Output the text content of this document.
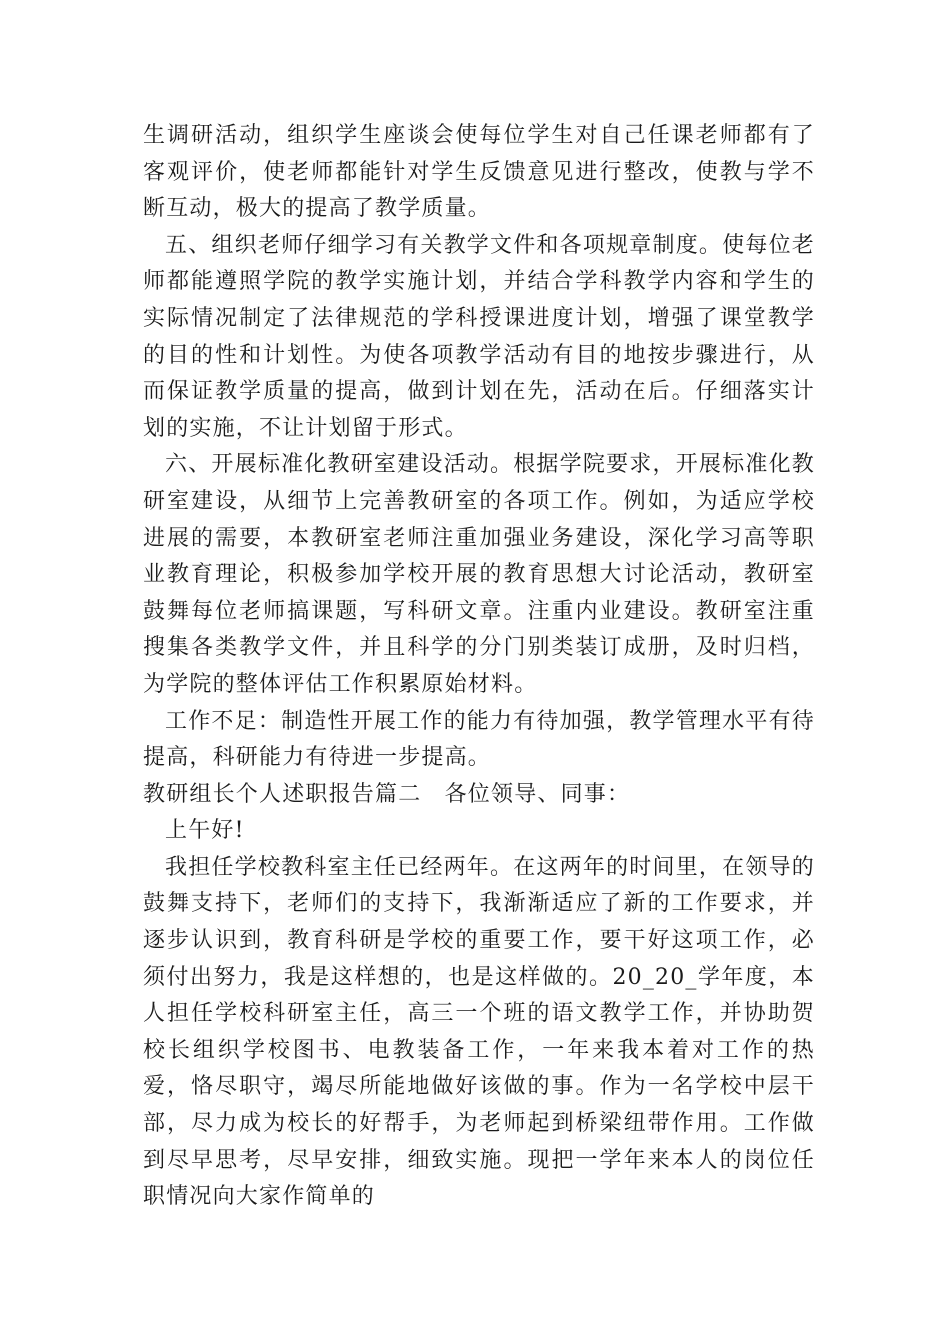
生调研活动，组织学生座谈会使每位学生对自己任课老师都有了客观评价，使老师都能针对学生反馈意见进行整改，使教与学不断互动，极大的提高了教学质量。

五、组织老师仔细学习有关教学文件和各项规章制度。使每位老师都能遵照学院的教学实施计划，并结合学科教学内容和学生的实际情况制定了法律规范的学科授课进度计划，增强了课堂教学的目的性和计划性。为使各项教学活动有目的地按步骤进行，从而保证教学质量的提高，做到计划在先，活动在后。仔细落实计划的实施，不让计划留于形式。

六、开展标准化教研室建设活动。根据学院要求，开展标准化教研室建设，从细节上完善教研室的各项工作。例如，为适应学校进展的需要，本教研室老师注重加强业务建设，深化学习高等职业教育理论，积极参加学校开展的教育思想大讨论活动，教研室鼓舞每位老师搞课题，写科研文章。注重内业建设。教研室注重搜集各类教学文件，并且科学的分门别类装订成册，及时归档，为学院的整体评估工作积累原始材料。

工作不足：制造性开展工作的能力有待加强，教学管理水平有待提高，科研能力有待进一步提高。

教研组长个人述职报告篇二　各位领导、同事：

上午好!

我担任学校教科室主任已经两年。在这两年的时间里，在领导的鼓舞支持下，老师们的支持下，我渐渐适应了新的工作要求，并逐步认识到，教育科研是学校的重要工作，要干好这项工作，必须付出努力，我是这样想的，也是这样做的。20_20_学年度，本人担任学校科研室主任，高三一个班的语文教学工作，并协助贺校长组织学校图书、电教装备工作，一年来我本着对工作的热爱，恪尽职守，竭尽所能地做好该做的事。作为一名学校中层干部，尽力成为校长的好帮手，为老师起到桥梁纽带作用。工作做到尽早思考，尽早安排，细致实施。现把一学年来本人的岗位任职情况向大家作简单的
